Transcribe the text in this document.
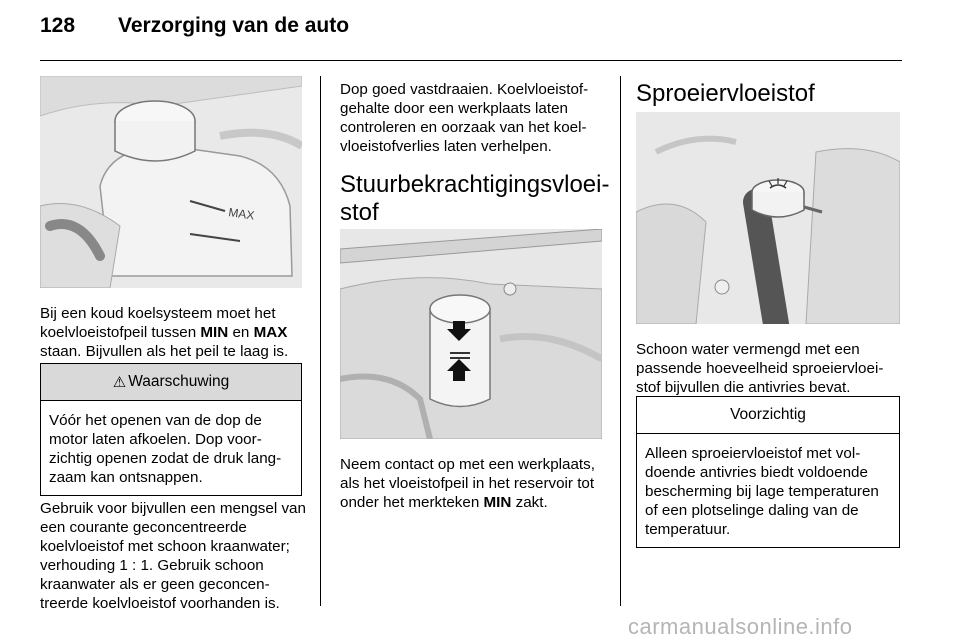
128 Verzorging van de auto
MAX

Bij een koud koelsysteem moet het koelvloeistofpeil tussen MIN en MAX staan. Bijvullen als het peil te laag is.

⚠ Waarschuwing
Vóór het openen van de dop de motor laten afkoelen. Dop voorzichtig openen zodat de druk langzaam kan ontsnappen.

Gebruik voor bijvullen een mengsel van een courante geconcentreerde koelvloeistof met schoon kraanwater; verhouding 1 : 1. Gebruik schoon kraanwater als er geen geconcentreerde koelvloeistof voorhanden is.

Dop goed vastdraaien. Koelvloeistofgehalte door een werkplaats laten controleren en oorzaak van het koelvloeistofverlies laten verhelpen.

Stuurbekrachtigingsvloeistof

Neem contact op met een werkplaats, als het vloeistofpeil in het reservoir tot onder het merkteken MIN zakt.

Sproeiervloeistof

Schoon water vermengd met een passende hoeveelheid sproeiervloeistof bijvullen die antivries bevat.

Voorzichtig
Alleen sproeiervloeistof met voldoende antivries biedt voldoende bescherming bij lage temperaturen of een plotselinge daling van de temperatuur.
carmanualsonline.info
